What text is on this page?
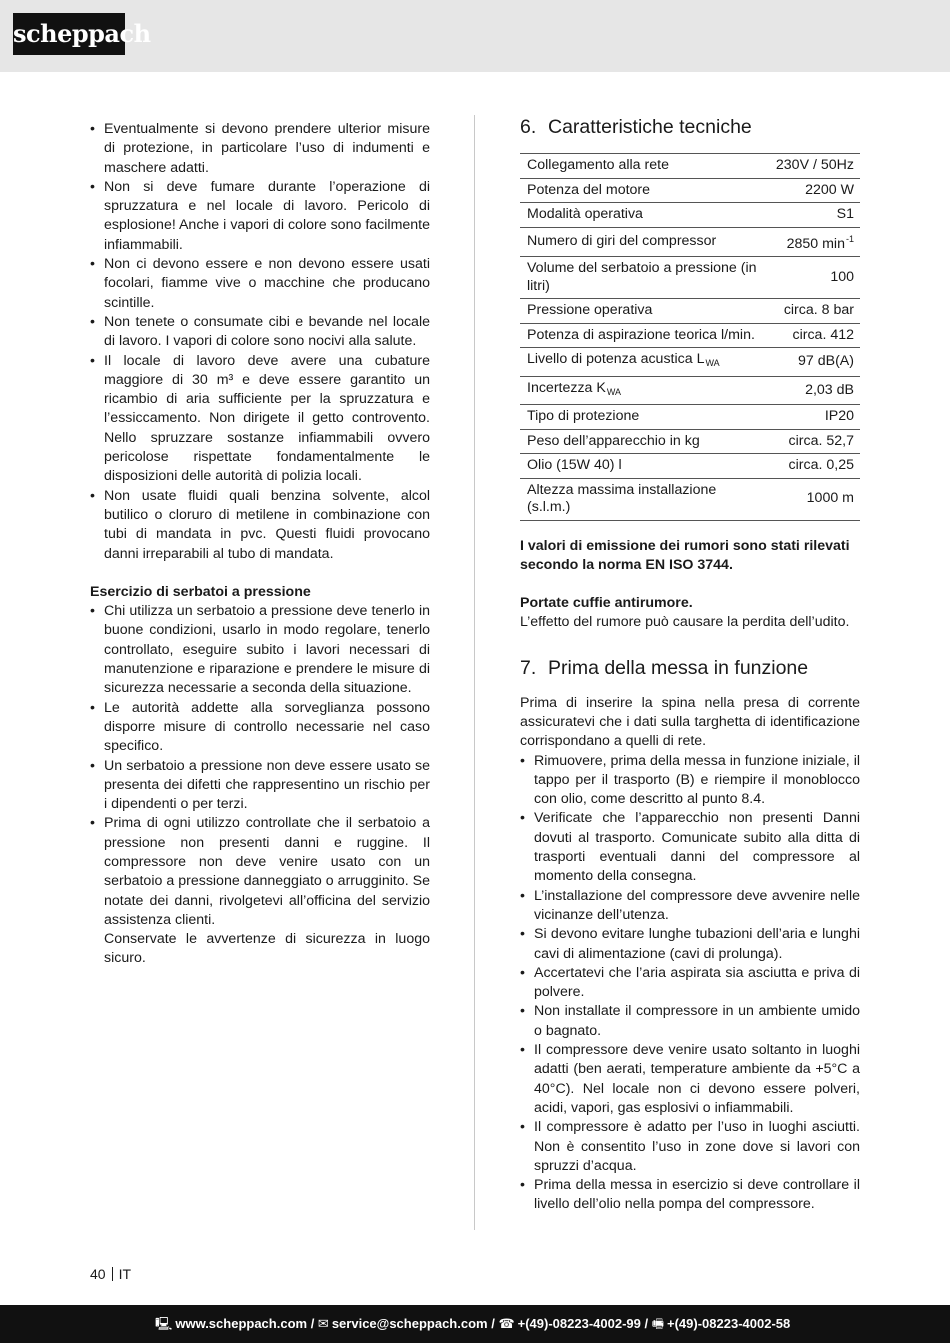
scheppach
• Eventualmente si devono prendere ulterior misure di protezione, in particolare l’uso di indumenti e maschere adatti.
• Non si deve fumare durante l’operazione di spruzzatura e nel locale di lavoro. Pericolo di esplosione! Anche i vapori di colore sono facilmente infiammabili.
• Non ci devono essere e non devono essere usati focolari, fiamme vive o macchine che producano scintille.
• Non tenete o consumate cibi e bevande nel locale di lavoro. I vapori di colore sono nocivi alla salute.
• Il locale di lavoro deve avere una cubature maggiore di 30 m³ e deve essere garantito un ricambio di aria sufficiente per la spruzzatura e l’essiccamento. Non dirigete il getto controvento. Nello spruzzare sostanze infiammabili ovvero pericolose rispettate fondamentalmente le disposizioni delle autorità di polizia locali.
• Non usate fluidi quali benzina solvente, alcol butilico o cloruro di metilene in combinazione con tubi di mandata in pvc. Questi fluidi provocano danni irreparabili al tubo di mandata.
Esercizio di serbatoi a pressione
• Chi utilizza un serbatoio a pressione deve tenerlo in buone condizioni, usarlo in modo regolare, tenerlo controllato, eseguire subito i lavori necessari di manutenzione e riparazione e prendere le misure di sicurezza necessarie a seconda della situazione.
• Le autorità addette alla sorveglianza possono disporre misure di controllo necessarie nel caso specifico.
• Un serbatoio a pressione non deve essere usato se presenta dei difetti che rappresentino un rischio per i dipendenti o per terzi.
• Prima di ogni utilizzo controllate che il serbatoio a pressione non presenti danni e ruggine. Il compressore non deve venire usato con un serbatoio a pressione danneggiato o arrugginito. Se notate dei danni, rivolgetevi all’officina del servizio assistenza clienti.
Conservate le avvertenze di sicurezza in luogo sicuro.
6. Caratteristiche tecniche
Collegamento alla rete	230V / 50Hz
Potenza del motore	2200 W
Modalità operativa	S1
Numero di giri del compressor	2850 $\min^{-1}$
Volume del serbatoio a pressione (in litri)	100
Pressione operativa	circa. 8 bar
Potenza di aspirazione teorica l/min.	circa. 412
Livello di potenza acustica $L_{WA}$	97 dB(A)
Incertezza $K_{WA}$	2,03 dB
Tipo di protezione	IP20
Peso dell’apparecchio in kg	circa. 52,7
Olio (15W 40) l	circa. 0,25
Altezza massima installazione (s.l.m.)	1000 m

I valori di emissione dei rumori sono stati rilevati secondo la norma EN ISO 3744.

Portate cuffie antirumore.

L’effetto del rumore può causare la perdita dell’udito.

7. Prima della messa in funzione

Prima di inserire la spina nella presa di corrente assicuratevi che i dati sulla targhetta di identificazione corrispondano a quelli di rete.

• Rimuovere, prima della messa in funzione iniziale, il tappo per il trasporto (B) e riempire il monoblocco con olio, come descritto al punto 8.4.
• Verificate che l’apparecchio non presenti Danni dovuti al trasporto. Comunicate subito alla ditta di trasporti eventuali danni del compressore al momento della consegna.
• L’installazione del compressore deve avvenire nelle vicinanze dell’utenza.
• Si devono evitare lunghe tubazioni dell’aria e lunghi cavi di alimentazione (cavi di prolunga).
• Accertatevi che l’aria aspirata sia asciutta e priva di polvere.
• Non installate il compressore in un ambiente umido o bagnato.
• Il compressore deve venire usato soltanto in luoghi adatti (ben aerati, temperature ambiente da +5°C a 40°C). Nel locale non ci devono essere polveri, acidi, vapori, gas esplosivi o infiammabili.
• Il compressore è adatto per l’uso in luoghi asciutti. Non è consentito l’uso in zone dove si lavori con spruzzi d’acqua.
• Prima della messa in esercizio si deve controllare il livello dell’olio nella pompa del compressore.
40 IT
🖳 www.scheppach.com / ✉ service@scheppach.com / ☎ +(49)-08223-4002-99 / 🖷 +(49)-08223-4002-58
